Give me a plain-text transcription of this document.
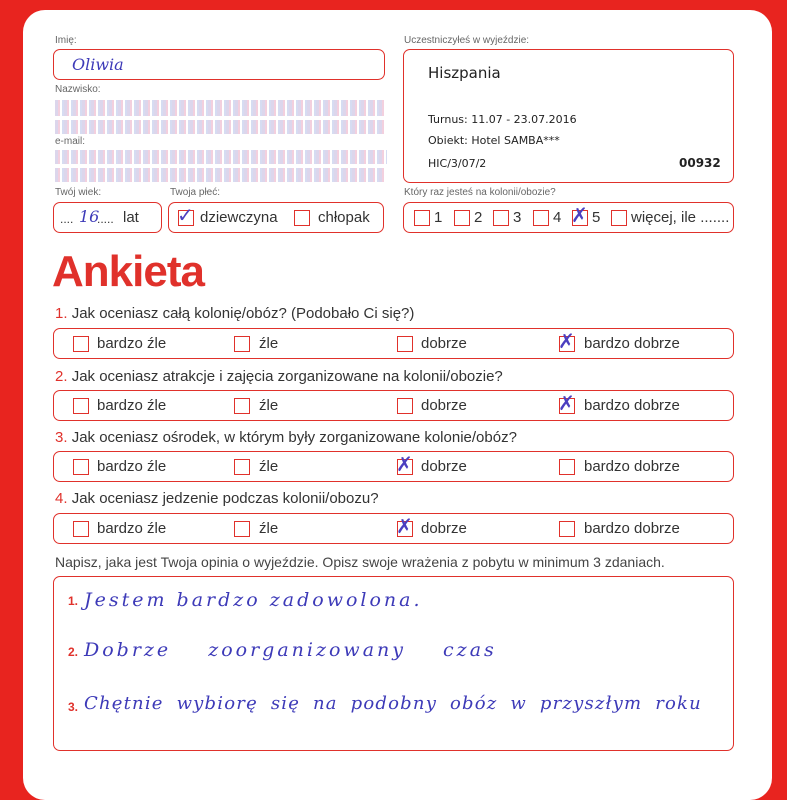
Imię:
Oliwia
Nazwisko:
e-mail:
Twój wiek:
.... 16
..... lat
Twoja płeć:
✓ dziewczyna	chłopak
Uczestniczyłeś w wyjeździe:
Hiszpania
Turnus: 11.07 - 23.07.2016
Obiekt: Hotel SAMBA***
HIC/3/07/2	00932
Który raz jesteś na kolonii/obozie?
1 2 3 4 ✗ 5 więcej, ile .......
Ankieta
1. Jak oceniasz całą kolonię/obóz? (Podobało Ci się?)
bardzo źle	źle	dobrze	✗ bardzo dobrze
2. Jak oceniasz atrakcje i zajęcia zorganizowane na kolonii/obozie?
bardzo źle	źle	dobrze	✗ bardzo dobrze
3. Jak oceniasz ośrodek, w którym były zorganizowane kolonie/obóz?
bardzo źle	źle	✗ dobrze	bardzo dobrze
4. Jak oceniasz jedzenie podczas kolonii/obozu?
bardzo źle	źle	✗ dobrze	bardzo dobrze
Napisz, jaka jest Twoja opinia o wyjeździe. Opisz swoje wrażenia z pobytu w minimum 3 zdaniach.
1. Jestem bardzo zadowolona.
2. Dobrze zoorganizowany czas
3. Chętnie wybiorę się na podobny obóz w przyszłym roku
